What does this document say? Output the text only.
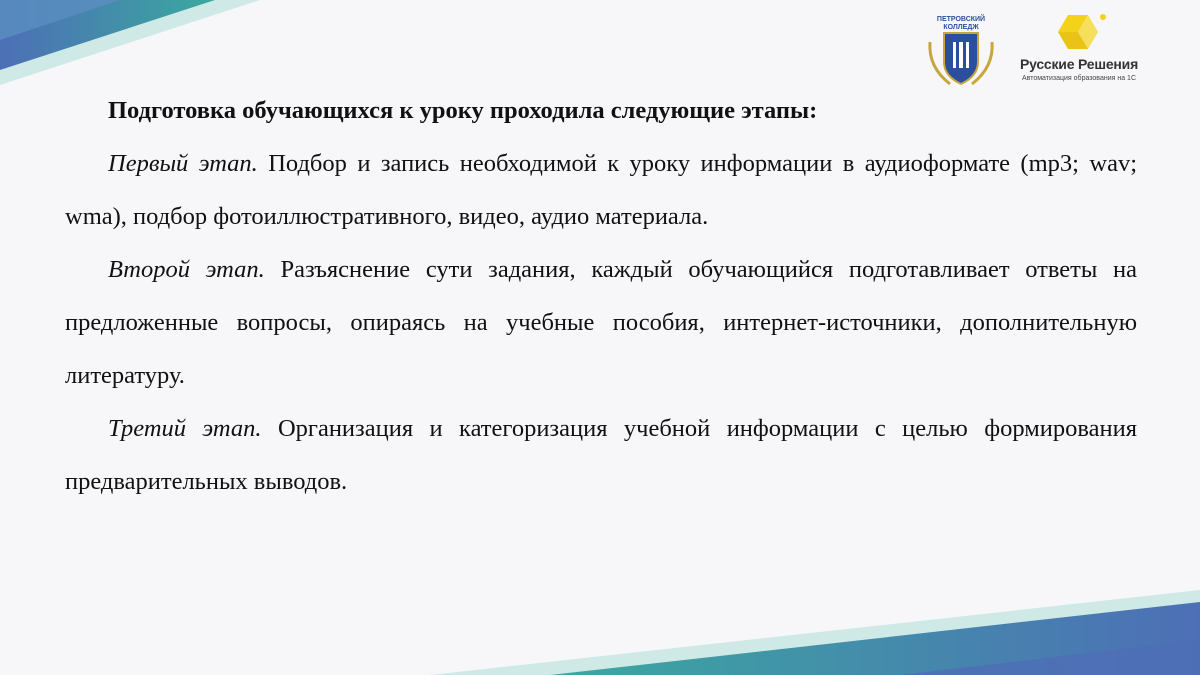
ПЕТРОВСКИЙ
КОЛЛЕДЖ
Русские Решения
Автоматизация образования на 1С

Подготовка обучающихся к уроку проходила следующие этапы:

Первый этап. Подбор и запись необходимой к уроку информации в аудиоформате (mp3; wav; wma), подбор фотоиллюстративного, видео, аудио материала.

Второй этап. Разъяснение сути задания, каждый обучающийся подготавливает ответы на предложенные вопросы, опираясь на учебные пособия, интернет-источники, дополнительную литературу.

Третий этап. Организация и категоризация учебной информации с целью формирования предварительных выводов.
